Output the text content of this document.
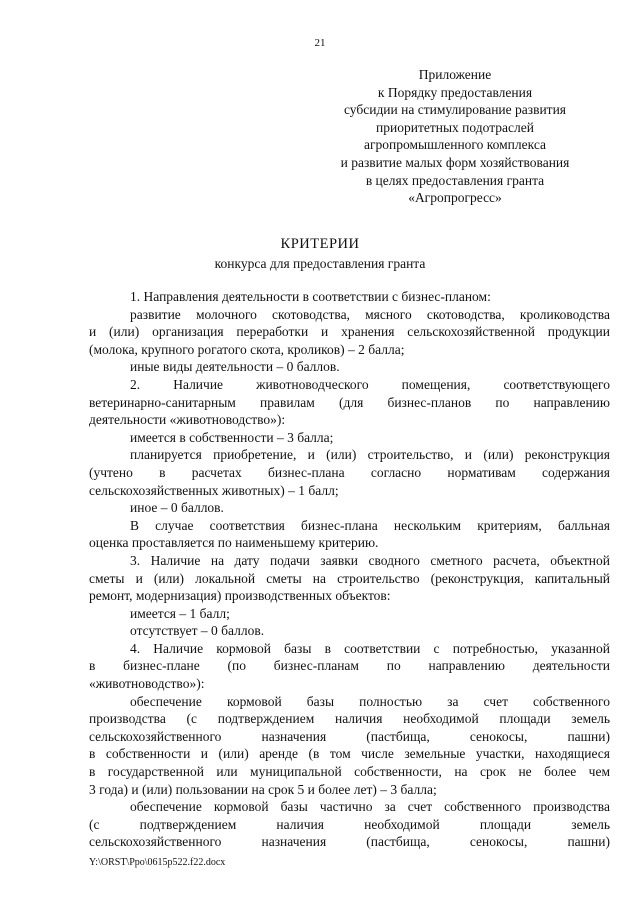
21
Приложение
к Порядку предоставления
субсидии на стимулирование развития
приоритетных подотраслей
агропромышленного комплекса
и развитие малых форм хозяйствования
в целях предоставления гранта
«Агропрогресс»
КРИТЕРИИ
конкурса для предоставления гранта
1. Направления деятельности в соответствии с бизнес-планом:
развитие молочного скотоводства, мясного скотоводства, кролиководства
и (или) организация переработки и хранения сельскохозяйственной продукции
(молока, крупного рогатого скота, кроликов) – 2 балла;
иные виды деятельности – 0 баллов.
2. Наличие животноводческого помещения, соответствующего
ветеринарно-санитарным правилам (для бизнес-планов по направлению
деятельности «животноводство»):
имеется в собственности – 3 балла;
планируется приобретение, и (или) строительство, и (или) реконструкция
(учтено в расчетах бизнес-плана согласно нормативам содержания
сельскохозяйственных животных) – 1 балл;
иное – 0 баллов.
В случае соответствия бизнес-плана нескольким критериям, балльная
оценка проставляется по наименьшему критерию.
3. Наличие на дату подачи заявки сводного сметного расчета, объектной
сметы и (или) локальной сметы на строительство (реконструкция, капитальный
ремонт, модернизация) производственных объектов:
имеется – 1 балл;
отсутствует – 0 баллов.
4. Наличие кормовой базы в соответствии с потребностью, указанной
в бизнес-плане (по бизнес-планам по направлению деятельности
«животноводство»):
обеспечение кормовой базы полностью за счет собственного
производства (с подтверждением наличия необходимой площади земель
сельскохозяйственного назначения (пастбища, сенокосы, пашни)
в собственности и (или) аренде (в том числе земельные участки, находящиеся
в государственной или муниципальной собственности, на срок не более чем
3 года) и (или) пользовании на срок 5 и более лет) – 3 балла;
обеспечение кормовой базы частично за счет собственного производства
(с подтверждением наличия необходимой площади земель
сельскохозяйственного назначения (пастбища, сенокосы, пашни)
Y:\ORST\Ppo\0615p522.f22.docx
